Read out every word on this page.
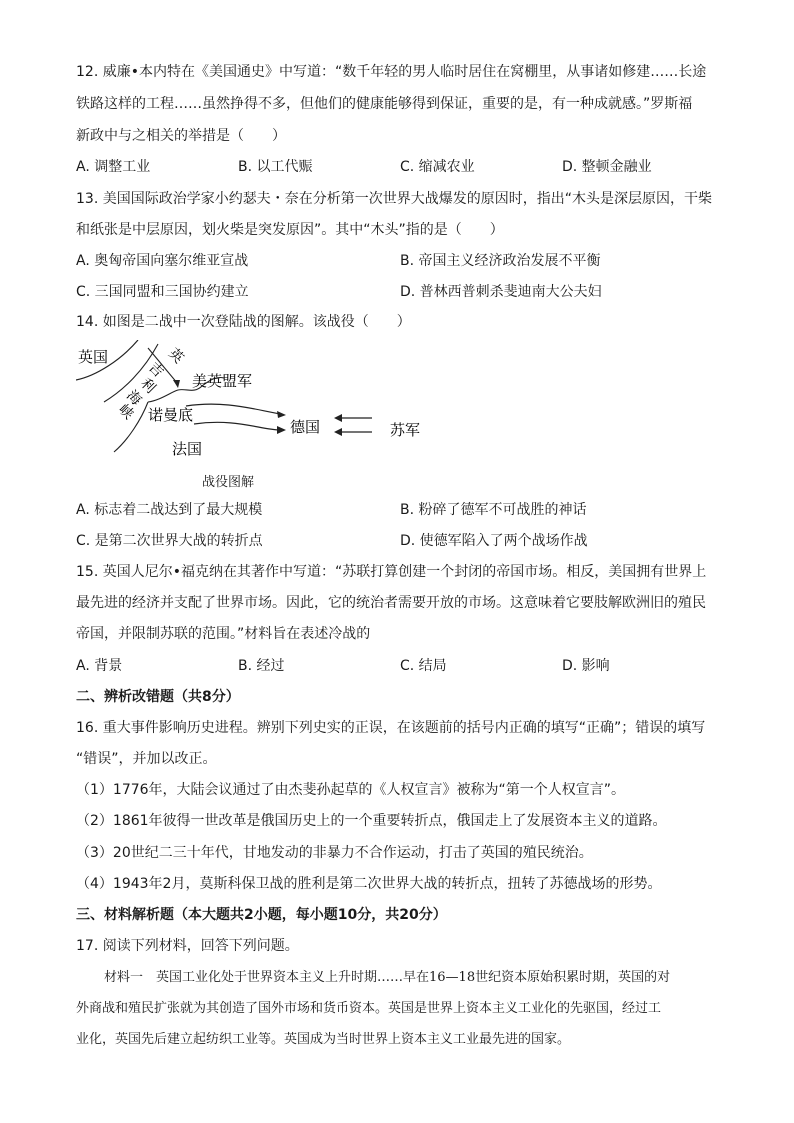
12. 威廉•本内特在《美国通史》中写道：“数千年轻的男人临时居住在窝棚里，从事诸如修建……长途
铁路这样的工程……虽然挣得不多，但他们的健康能够得到保证，重要的是，有一种成就感。”罗斯福
新政中与之相关的举措是（　　）
A. 调整工业	B. 以工代赈	C. 缩减农业	D. 整顿金融业
13. 美国国际政治学家小约瑟夫・奈在分析第一次世界大战爆发的原因时，指出“木头是深层原因，干柴
和纸张是中层原因，划火柴是突发原因”。其中“木头”指的是（　　）
A. 奥匈帝国向塞尔维亚宣战	B. 帝国主义经济政治发展不平衡
C. 三国同盟和三国协约建立	D. 普林西普刺杀斐迪南大公夫妇
14. 如图是二战中一次登陆战的图解。该战役（　　）
英国	英
吉
利
海
峡
美英盟军
诺曼底
法国
德国	苏军
战役图解
A. 标志着二战达到了最大规模	B. 粉碎了德军不可战胜的神话
C. 是第二次世界大战的转折点	D. 使德军陷入了两个战场作战
15. 英国人尼尔•福克纳在其著作中写道：“苏联打算创建一个封闭的帝国市场。相反，美国拥有世界上
最先进的经济并支配了世界市场。因此，它的统治者需要开放的市场。这意味着它要肢解欧洲旧的殖民
帝国，并限制苏联的范围。”材料旨在表述冷战的
A. 背景	B. 经过	C. 结局	D. 影响
二、辨析改错题（共8分）
16. 重大事件影响历史进程。辨别下列史实的正误，在该题前的括号内正确的填写“正确”；错误的填写
“错误”，并加以改正。
（1）1776年，大陆会议通过了由杰斐孙起草的《人权宣言》被称为“第一个人权宣言”。
（2）1861年彼得一世改革是俄国历史上的一个重要转折点，俄国走上了发展资本主义的道路。
（3）20世纪二三十年代，甘地发动的非暴力不合作运动，打击了英国的殖民统治。
（4）1943年2月，莫斯科保卫战的胜利是第二次世界大战的转折点，扭转了苏德战场的形势。
三、材料解析题（本大题共2小题，每小题10分，共20分）
17. 阅读下列材料，回答下列问题。
材料一　英国工业化处于世界资本主义上升时期……早在16—18世纪资本原始积累时期，英国的对
外商战和殖民扩张就为其创造了国外市场和货币资本。英国是世界上资本主义工业化的先驱国，经过工
业化，英国先后建立起纺织工业等。英国成为当时世界上资本主义工业最先进的国家。
